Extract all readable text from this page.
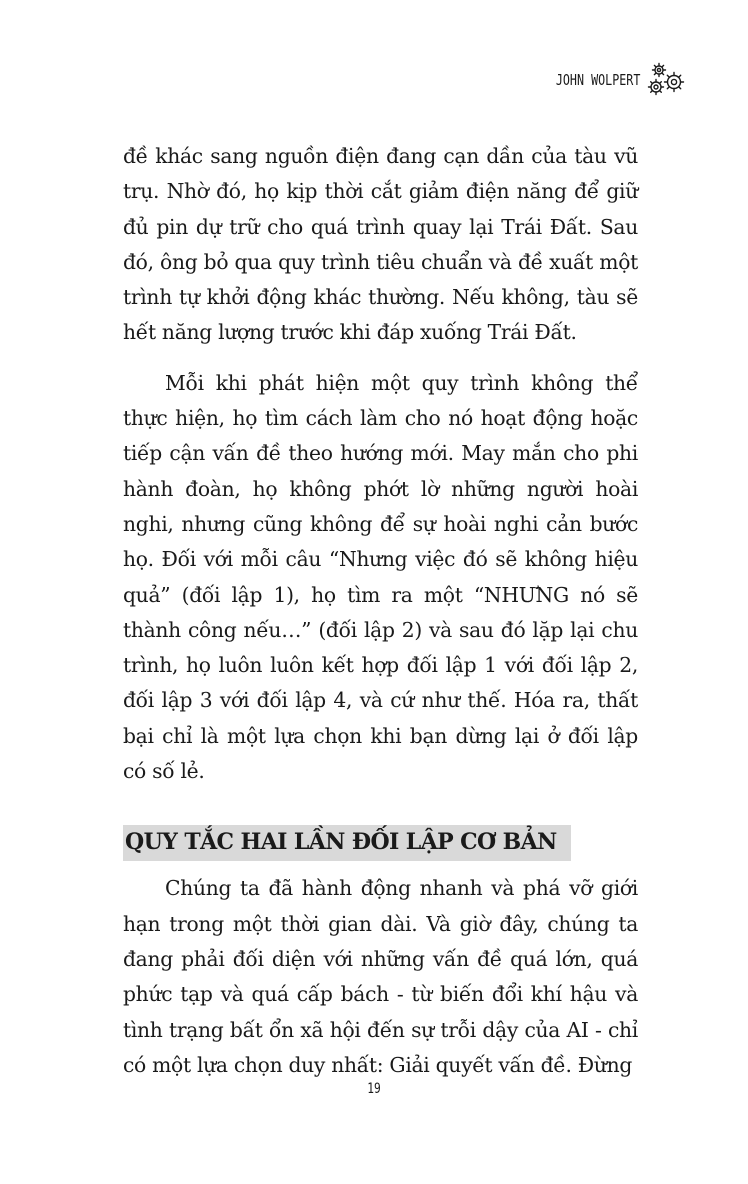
JOHN WOLPERT

đề khác sang nguồn điện đang cạn dần của tàu vũ trụ. Nhờ đó, họ kịp thời cắt giảm điện năng để giữ đủ pin dự trữ cho quá trình quay lại Trái Đất. Sau đó, ông bỏ qua quy trình tiêu chuẩn và đề xuất một trình tự khởi động khác thường. Nếu không, tàu sẽ hết năng lượng trước khi đáp xuống Trái Đất.

Mỗi khi phát hiện một quy trình không thể thực hiện, họ tìm cách làm cho nó hoạt động hoặc tiếp cận vấn đề theo hướng mới. May mắn cho phi hành đoàn, họ không phớt lờ những người hoài nghi, nhưng cũng không để sự hoài nghi cản bước họ. Đối với mỗi câu “Nhưng việc đó sẽ không hiệu quả” (đối lập 1), họ tìm ra một “NHƯNG nó sẽ thành công nếu…” (đối lập 2) và sau đó lặp lại chu trình, họ luôn luôn kết hợp đối lập 1 với đối lập 2, đối lập 3 với đối lập 4, và cứ như thế. Hóa ra, thất bại chỉ là một lựa chọn khi bạn dừng lại ở đối lập có số lẻ.

QUY TẮC HAI LẦN ĐỐI LẬP CƠ BẢN

Chúng ta đã hành động nhanh và phá vỡ giới hạn trong một thời gian dài. Và giờ đây, chúng ta đang phải đối diện với những vấn đề quá lớn, quá phức tạp và quá cấp bách - từ biến đổi khí hậu và tình trạng bất ổn xã hội đến sự trỗi dậy của AI - chỉ có một lựa chọn duy nhất: Giải quyết vấn đề. Đừng

19
